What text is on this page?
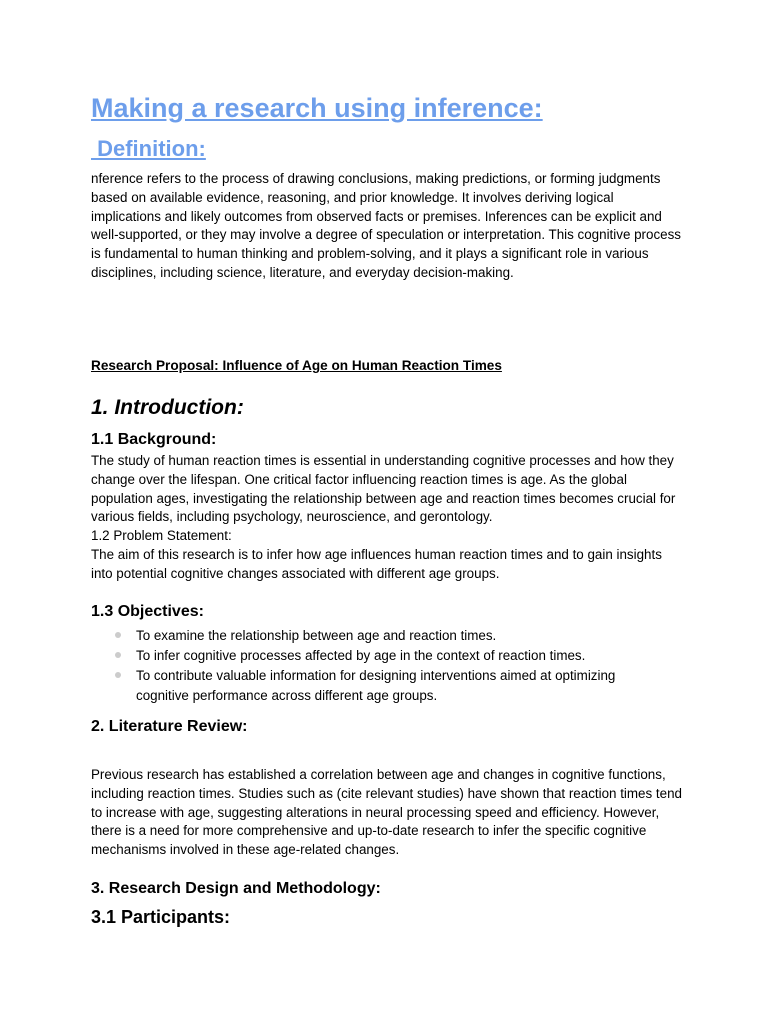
Making a research using inference:
Definition:

nference refers to the process of drawing conclusions, making predictions, or forming judgments based on available evidence, reasoning, and prior knowledge. It involves deriving logical implications and likely outcomes from observed facts or premises. Inferences can be explicit and well-supported, or they may involve a degree of speculation or interpretation. This cognitive process is fundamental to human thinking and problem-solving, and it plays a significant role in various disciplines, including science, literature, and everyday decision-making.

Research Proposal: Influence of Age on Human Reaction Times
1. Introduction:
1.1 Background:

The study of human reaction times is essential in understanding cognitive processes and how they change over the lifespan. One critical factor influencing reaction times is age. As the global population ages, investigating the relationship between age and reaction times becomes crucial for various fields, including psychology, neuroscience, and gerontology.

1.2 Problem Statement:

The aim of this research is to infer how age influences human reaction times and to gain insights into potential cognitive changes associated with different age groups.

1.3 Objectives:
To examine the relationship between age and reaction times.
To infer cognitive processes affected by age in the context of reaction times.
To contribute valuable information for designing interventions aimed at optimizing cognitive performance across different age groups.
2. Literature Review:

Previous research has established a correlation between age and changes in cognitive functions, including reaction times. Studies such as (cite relevant studies) have shown that reaction times tend to increase with age, suggesting alterations in neural processing speed and efficiency. However, there is a need for more comprehensive and up-to-date research to infer the specific cognitive mechanisms involved in these age-related changes.

3. Research Design and Methodology:
3.1 Participants:
